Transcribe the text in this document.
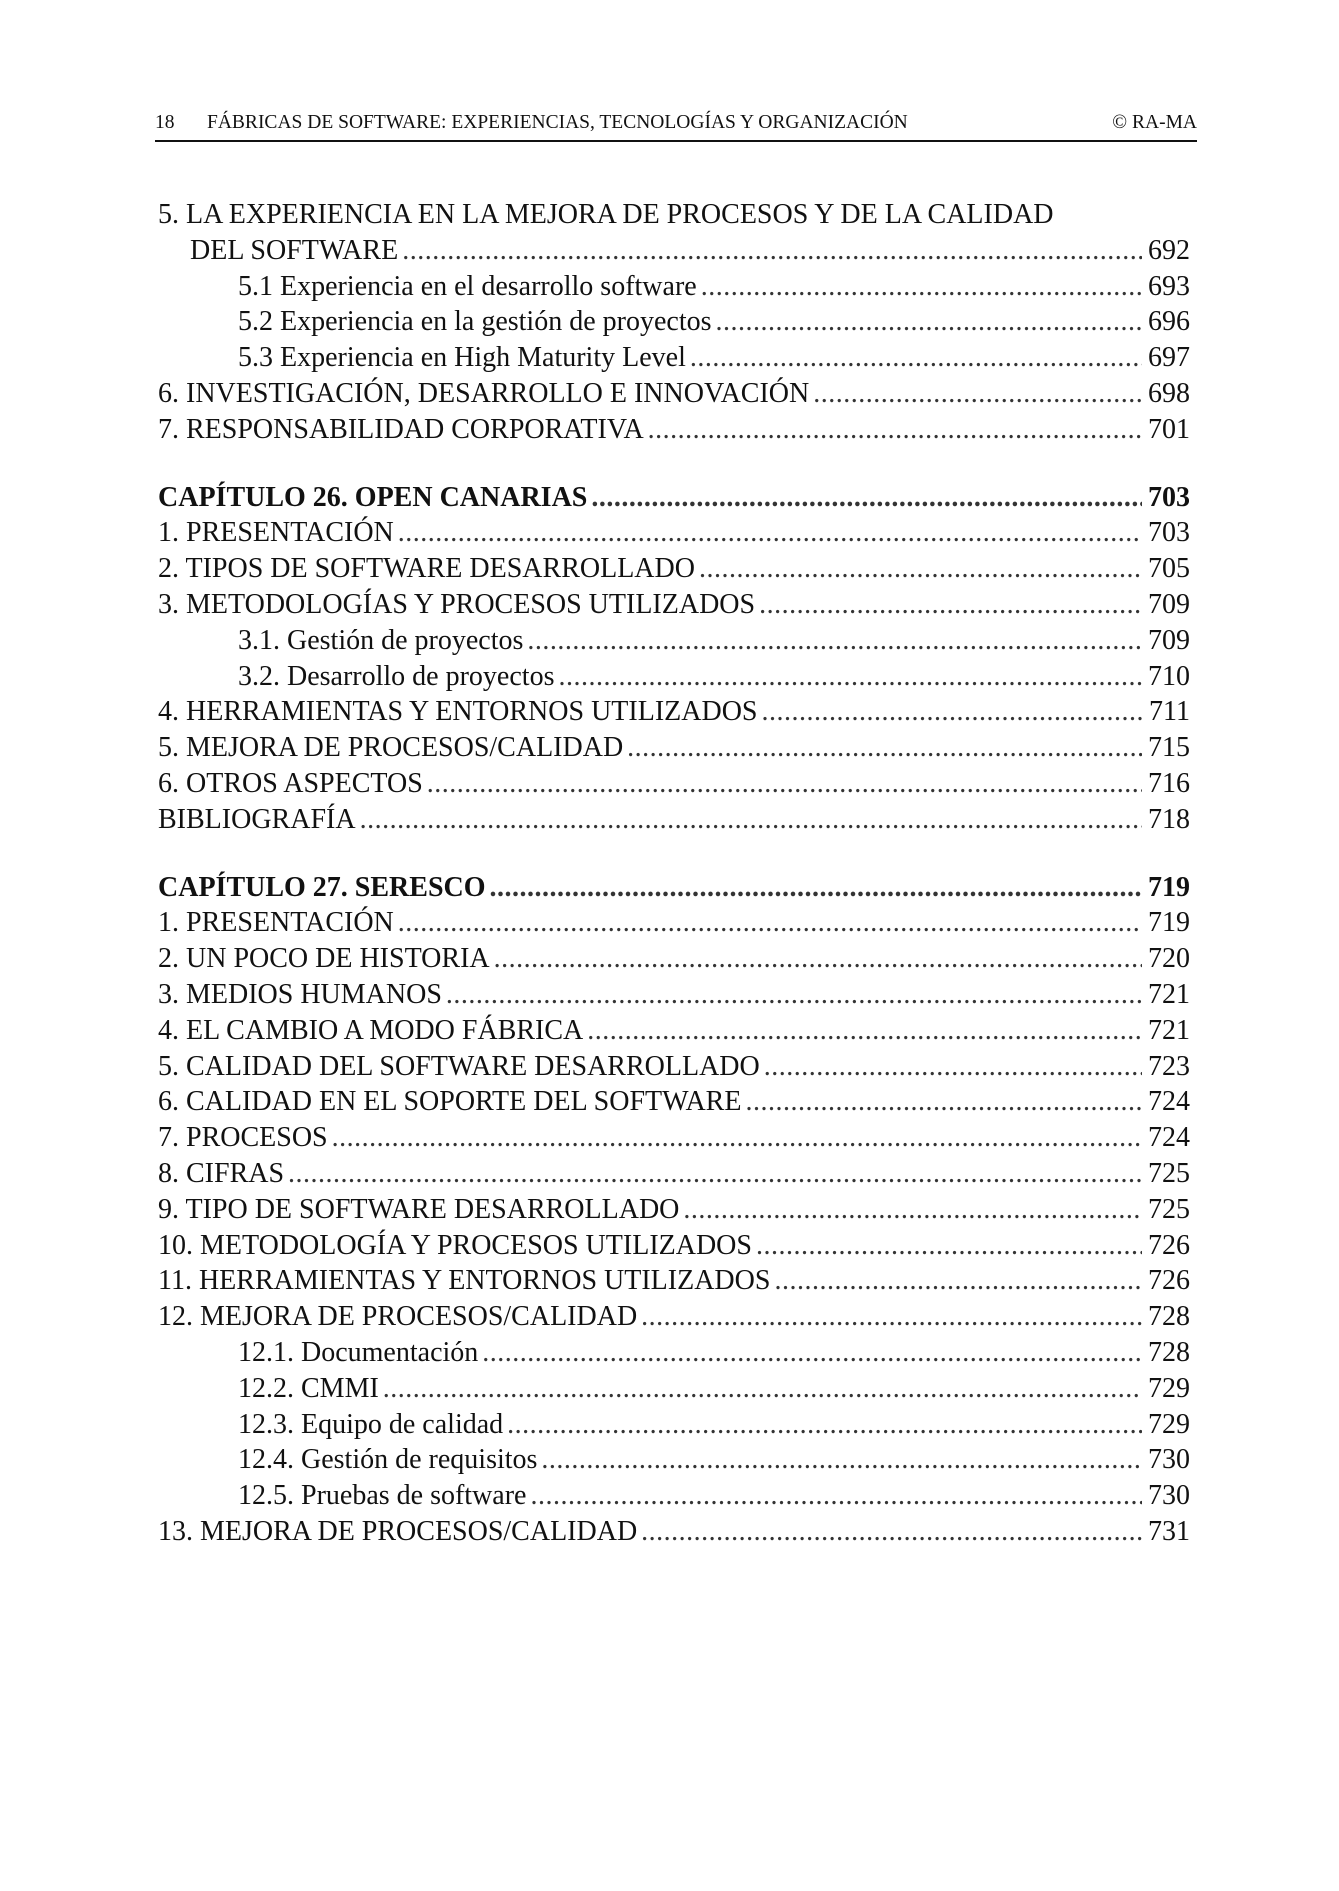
18	FÁBRICAS DE SOFTWARE: EXPERIENCIAS, TECNOLOGÍAS Y ORGANIZACIÓN	© RA-MA
5. LA EXPERIENCIA EN LA MEJORA DE PROCESOS Y DE LA CALIDAD
DEL SOFTWARE .....	692
5.1 Experiencia en el desarrollo software .....	693
5.2 Experiencia en la gestión de proyectos .....	696
5.3 Experiencia en High Maturity Level .....	697
6. INVESTIGACIÓN, DESARROLLO E INNOVACIÓN .....	698
7. RESPONSABILIDAD CORPORATIVA .....	701
CAPÍTULO 26. OPEN CANARIAS .....	703
1. PRESENTACIÓN .....	703
2. TIPOS DE SOFTWARE DESARROLLADO .....	705
3. METODOLOGÍAS Y PROCESOS UTILIZADOS .....	709
3.1. Gestión de proyectos .....	709
3.2. Desarrollo de proyectos .....	710
4. HERRAMIENTAS Y ENTORNOS UTILIZADOS .....	711
5. MEJORA DE PROCESOS/CALIDAD .....	715
6. OTROS ASPECTOS .....	716
BIBLIOGRAFÍA .....	718
CAPÍTULO 27. SERESCO .....	719
1. PRESENTACIÓN .....	719
2. UN POCO DE HISTORIA .....	720
3. MEDIOS HUMANOS .....	721
4. EL CAMBIO A MODO FÁBRICA .....	721
5. CALIDAD DEL SOFTWARE DESARROLLADO .....	723
6. CALIDAD EN EL SOPORTE DEL SOFTWARE .....	724
7. PROCESOS .....	724
8. CIFRAS .....	725
9. TIPO DE SOFTWARE DESARROLLADO .....	725
10. METODOLOGÍA Y PROCESOS UTILIZADOS .....	726
11. HERRAMIENTAS Y ENTORNOS UTILIZADOS .....	726
12. MEJORA DE PROCESOS/CALIDAD .....	728
12.1. Documentación .....	728
12.2. CMMI .....	729
12.3. Equipo de calidad .....	729
12.4. Gestión de requisitos .....	730
12.5. Pruebas de software .....	730
13. MEJORA DE PROCESOS/CALIDAD .....	731
